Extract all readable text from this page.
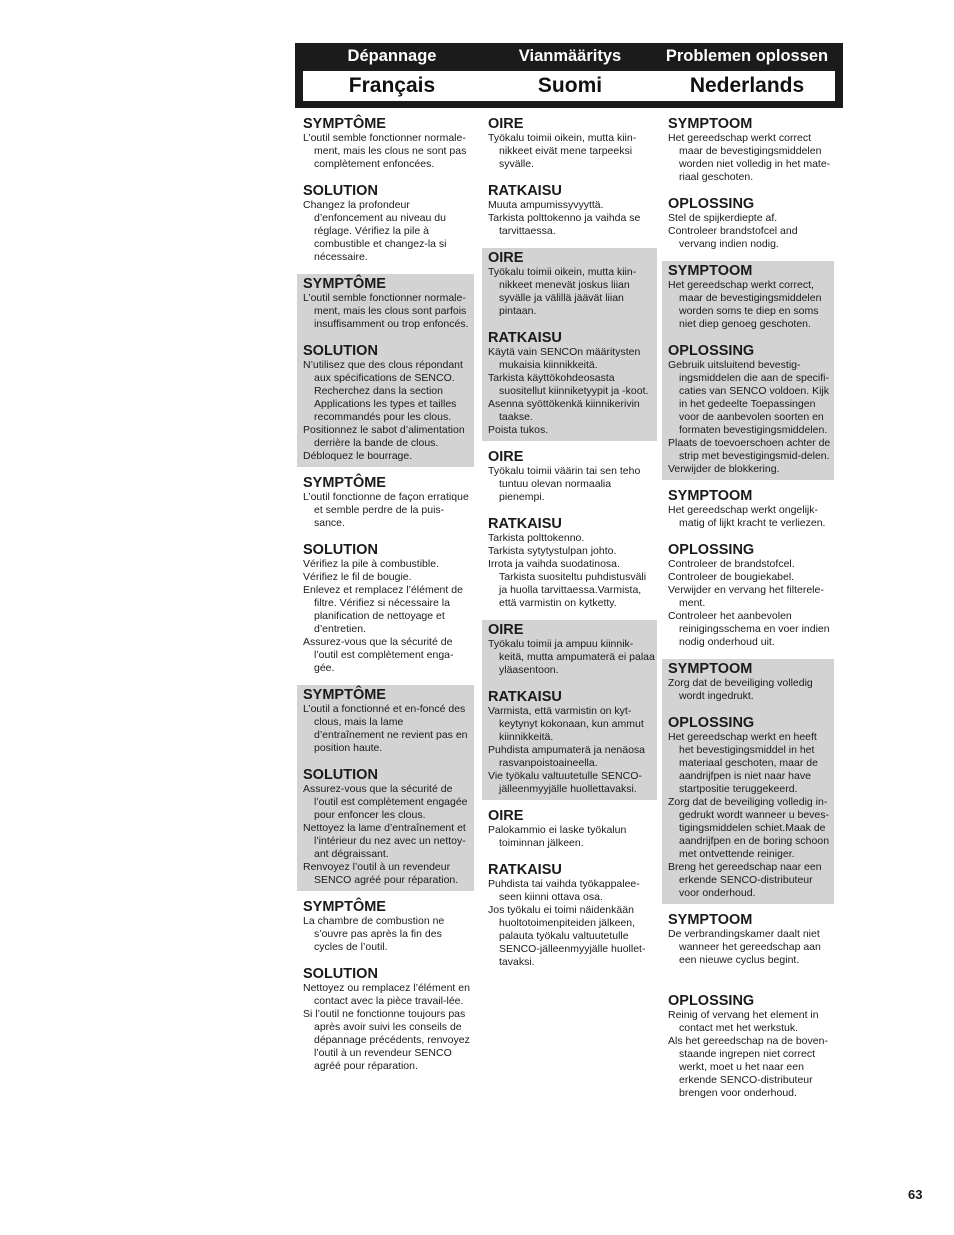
Dépannage
Français
Vianmääritys
Suomi
Problemen oplossen
Nederlands
SYMPTÔME
L’outil semble fonctionner normale-ment, mais les clous ne sont pas complètement enfoncées.
SOLUTION
Changez la profondeur d’enfoncement au niveau du réglage. Vérifiez la pile à combustible et changez-la si nécessaire.
SYMPTÔME
L’outil semble fonctionner normale-ment, mais les clous sont parfois insuffisamment ou trop enfoncés.
SOLUTION
N’utilisez que des clous répondant aux spécifications de SENCO. Recherchez dans la section Applications les types et tailles recommandés pour les clous.
Positionnez le sabot d’alimentation derrière la bande de clous.
Débloquez le bourrage.
SYMPTÔME
L’outil fonctionne de façon erratique et semble perdre de la puis-sance.
SOLUTION
Vérifiez la pile à combustible.
Vérifiez le fil de bougie.
Enlevez et remplacez l’élément de filtre. Vérifiez si nécessaire la planification de nettoyage et d’entretien.
Assurez-vous que la sécurité de l’outil est complètement enga-gée.
SYMPTÔME
L’outil a fonctionné et en-foncé des clous, mais la lame d’entraînement ne revient pas en position haute.
SOLUTION
Assurez-vous que la sécurité de l’outil est complètement engagée pour enfoncer les clous.
Nettoyez la lame d’entraînement et l’intérieur du nez avec un nettoy-ant dégraissant.
Renvoyez l’outil à un revendeur SENCO agréé pour réparation.
SYMPTÔME
La chambre de combustion ne s’ouvre pas après la fin des cycles de l’outil.
SOLUTION
Nettoyez ou remplacez l’élément en contact avec la pièce travail-lée.
Si l’outil ne fonctionne toujours pas après avoir suivi les conseils de dépannage précédents, renvoyez l’outil à un revendeur SENCO agréé pour réparation.
OIRE
Työkalu toimii oikein, mutta kiin-nikkeet eivät mene tarpeeksi syvälle.
RATKAISU
Muuta ampumissyvyyttä.
Tarkista polttokenno ja vaihda se tarvittaessa.
OIRE
Työkalu toimii oikein, mutta kiin-nikkeet menevät joskus liian syvälle ja välillä jäävät liian pintaan.
RATKAISU
Käytä vain SENCOn määritysten mukaisia kiinnikkeitä.
Tarkista käyttökohdeosasta suositellut kiinniketyypit ja -koot.
Asenna syöttökenkä kiinnikerivin taakse.
Poista tukos.
OIRE
Työkalu toimii väärin tai sen teho tuntuu olevan normaalia pienempi.
RATKAISU
Tarkista polttokenno.
Tarkista sytytystulpan johto.
Irrota ja vaihda suodatinosa. Tarkista suositeltu puhdistusväli ja huolla tarvittaessa.Varmista, että varmistin on kytketty.
OIRE
Työkalu toimii ja ampuu kiinnik-keitä, mutta ampumaterä ei palaa yläasentoon.
RATKAISU
Varmista, että varmistin on kyt-keytynyt kokonaan, kun ammut kiinnikkeitä.
Puhdista ampumaterä ja nenäosa rasvanpoistoaineella.
Vie työkalu valtuutetulle SENCO-jälleenmyyjälle huollettavaksi.
OIRE
Palokammio ei laske työkalun toiminnan jälkeen.
RATKAISU
Puhdista tai vaihda työkappalee-seen kiinni ottava osa.
Jos työkalu ei toimi näidenkään huoltotoimenpiteiden jälkeen, palauta työkalu valtuutetulle SENCO-jälleenmyyjälle huollet-tavaksi.
SYMPTOOM
Het gereedschap werkt correct maar de bevestigingsmiddelen worden niet volledig in het mate-riaal geschoten.
OPLOSSING
Stel de spijkerdiepte af.
Controleer brandstofcel and vervang indien nodig.
SYMPTOOM
Het gereedschap werkt correct, maar de bevestigingsmiddelen worden soms te diep en soms niet diep genoeg geschoten.
OPLOSSING
Gebruik uitsluitend bevestig-ingsmiddelen die aan de specifi-caties van SENCO voldoen. Kijk in het gedeelte Toepassingen voor de aanbevolen soorten en formaten bevestigingsmiddelen.
Plaats de toevoerschoen achter de strip met bevestigingsmid-delen.
Verwijder de blokkering.
SYMPTOOM
Het gereedschap werkt ongelijk-matig of lijkt kracht te verliezen.
OPLOSSING
Controleer de brandstofcel.
Controleer de bougiekabel.
Verwijder en vervang het filterele-ment.
Controleer het aanbevolen reinigingsschema en voer indien nodig onderhoud uit.
SYMPTOOM
Zorg dat de beveiliging volledig wordt ingedrukt.
OPLOSSING
Het gereedschap werkt en heeft het bevestigingsmiddel in het materiaal geschoten, maar de aandrijfpen is niet naar have startpositie teruggekeerd.
Zorg dat de beveiliging volledig in-gedrukt wordt wanneer u beves-tigingsmiddelen schiet.Maak de aandrijfpen en de boring schoon met ontvettende reiniger.
Breng het gereedschap naar een erkende SENCO-distributeur voor onderhoud.
SYMPTOOM
De verbrandingskamer daalt niet wanneer het gereedschap aan een nieuwe cyclus begint.
OPLOSSING
Reinig of vervang het element in contact met het werkstuk.
Als het gereedschap na de boven-staande ingrepen niet correct werkt, moet u het naar een erkende SENCO-distributeur brengen voor onderhoud.
63
